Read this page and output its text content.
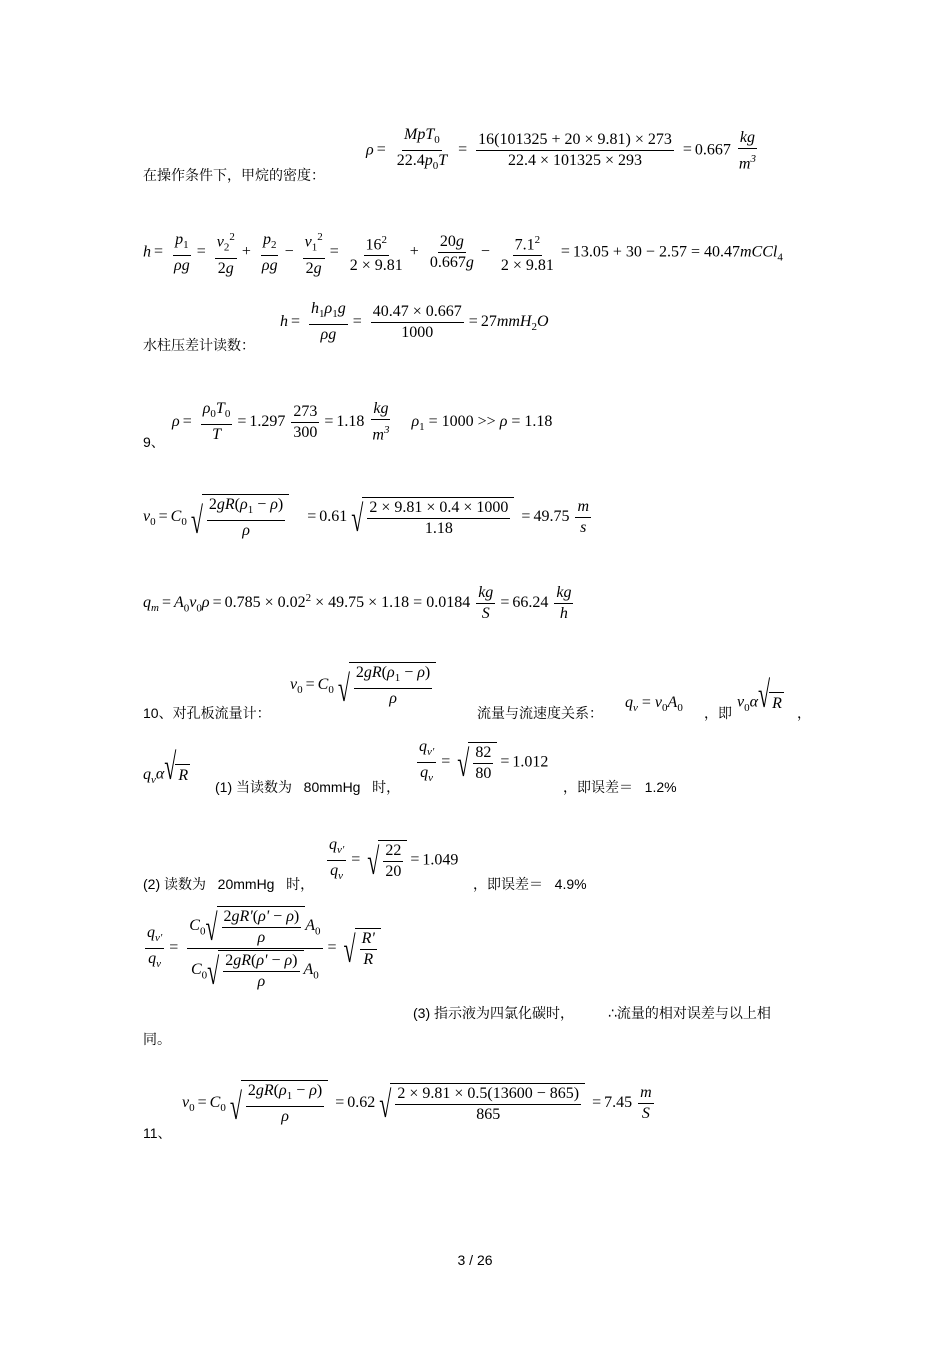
在操作条件下，甲烷的密度：
$\rho = \frac{MpT_0}{22.4p_0T} = \frac{16(101325 + 20 \times 9.81) \times 273}{22.4 \times 101325 \times 293} = 0.667 \frac{kg}{m^3}$
$h = \frac{p_1}{\rho g} = \frac{v_2^2}{2g} + \frac{p_2}{\rho g} - \frac{v_1^2}{2g} = \frac{16^2}{2 \times 9.81} + \frac{20g}{0.667g} - \frac{7.1^2}{2 \times 9.81} = 13.05 + 30 - 2.57$ = 40.47mCCl$_4$
水柱压差计读数：
$h = \frac{h_1\rho_1g}{\rho g} = \frac{40.47 \times 0.667}{1000} = 27mmH_2O$
9、
$\rho = \frac{\rho_0T_0}{T} = 1.297 \frac{273}{300} = 1.18 \frac{kg}{m^3} \rho_1 = 1000 >> \rho = 1.18$
$v_0 = C_0$ √ $\frac{2gR(\rho_1 - \rho)}{\rho} = 0.61$ √ $\frac{2 \times 9.81 \times 0.4 \times 1000}{1.18} = 49.75 \frac{m}{s}$
$q_m = A_0v_0\rho = 0.785 \times 0.02^2 \times 49.75 \times 1.18 = 0.0184 \frac{kg}{S} = 66.24 \frac{kg}{h}$
10、对孔板流量计：
$v_0 = C_0$ √ $\frac{2gR(\rho_1 - \rho)}{\rho}$
流量与流速度关系：
$q_v = v_0A_0$ ，即
$v_0\alpha$ √ R
，
$q_v\alpha$ √ R
(1) 当读数为 80mmHg 时， $\frac{q_{v'}}{q_v}$ = √ $\frac{82}{80} = 1.012$
，即误差＝ 1.2%
(2) 读数为 20mmHg 时， $\frac{q_{v'}}{q_v}$ = √ $\frac{22}{20} = 1.049$
，即误差＝ 4.9%
$\frac{q_{v'}}{q_v} = \frac{C_0 √ \frac{2gR'(\rho' - \rho)}{\rho} A_0}{C_0 √ \frac{2gR(\rho' - \rho)}{\rho} A_0}$ = √ $\frac{R'}{R}$
(3) 指示液为四氯化碳时， ∴流量的相对误差与以上相
同。
11、
$v_0 = C_0$ √ $\frac{2gR(\rho_1 - \rho)}{\rho} = 0.62$ √ $\frac{2 \times 9.81 \times 0.5(13600 - 865)}{865} = 7.45 \frac{m}{S}$
3 / 26
